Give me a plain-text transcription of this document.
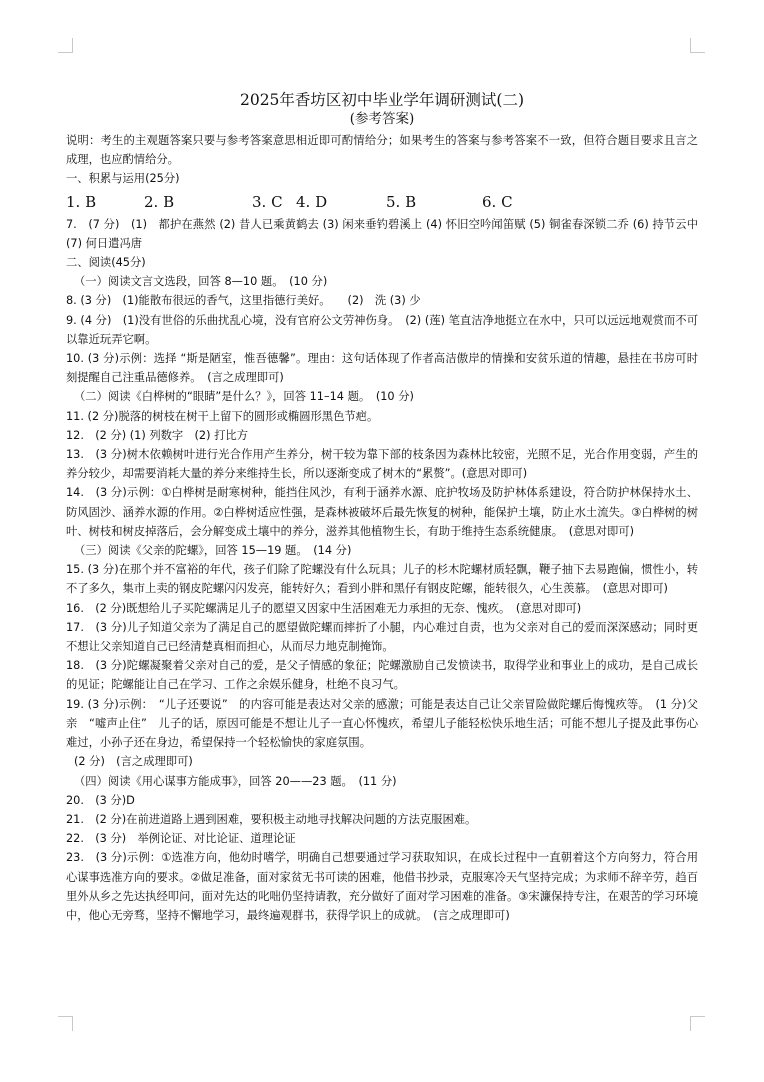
2025年香坊区初中毕业学年调研测试(二)

(参考答案)

说明：考生的主观题答案只要与参考答案意思相近即可酌情给分；如果考生的答案与参考答案不一致，但符合题目要求且言之成理，也应酌情给分。

一、积累与运用(25分)

1. B	2. B	3. C 4. D	5. B	6. C

7.　(7 分)　(1)　都护在燕然 (2) 昔人已乘黄鹤去 (3) 闲来垂钓碧溪上 (4) 怀旧空吟闻笛赋 (5) 铜雀春深锁二乔 (6) 持节云中 (7) 何日遣冯唐

二、阅读(45分)

（一）阅读文言文选段，回答 8—10 题。　(10 分)

8. (3 分)　(1)能散布很远的香气，这里指德行美好。　　(2)　洗 (3) 少

9. (4 分)　(1)没有世俗的乐曲扰乱心境，没有官府公文劳神伤身。　(2) (莲) 笔直洁净地挺立在水中，只可以远远地观赏而不可以靠近玩弄它啊。

10. (3 分)示例：选择 “斯是陋室，惟吾德馨”。理由：这句话体现了作者高洁傲岸的情操和安贫乐道的情趣，悬挂在书房可时刻提醒自己注重品德修养。　(言之成理即可)

（二）阅读《白桦树的“眼睛”是什么？》，回答 11–14 题。　(10 分)

11. (2 分)脱落的树枝在树干上留下的圆形或椭圆形黑色节疤。

12.　(2 分) (1) 列数字　(2) 打比方

13.　(3 分)树木依赖树叶进行光合作用产生养分，树干较为靠下部的枝条因为森林比较密，光照不足，光合作用变弱，产生的养分较少，却需要消耗大量的养分来维持生长，所以逐渐变成了树木的“累赘”。(意思对即可)

14.　(3 分)示例：①白桦树是耐寒树种，能挡住风沙，有利于涵养水源、庇护牧场及防护林体系建设，符合防护林保持水土、防风固沙、涵养水源的作用。②白桦树适应性强，是森林被破坏后最先恢复的树种，能保护土壤，防止水土流失。③白桦树的树叶、树枝和树皮掉落后，会分解变成土壤中的养分，滋养其他植物生长，有助于维持生态系统健康。　(意思对即可)

（三）阅读《父亲的陀螺》，回答 15—19 题。　(14 分)

15. (3 分)在那个并不富裕的年代，孩子们除了陀螺没有什么玩具；儿子的杉木陀螺材质轻飘，鞭子抽下去易跑偏，惯性小，转不了多久，集市上卖的钢皮陀螺闪闪发亮，能转好久；看到小胖和黑仔有钢皮陀螺，能转很久，心生羡慕。　(意思对即可)

16.　(2 分)既想给儿子买陀螺满足儿子的愿望又因家中生活困难无力承担的无奈、愧疚。　(意思对即可)

17.　(3 分)儿子知道父亲为了满足自己的愿望做陀螺而摔折了小腿，内心难过自责，也为父亲对自己的爱而深深感动；同时更不想让父亲知道自己已经清楚真相而担心，从而尽力地克制掩饰。

18.　(3 分)陀螺凝聚着父亲对自己的爱，是父子情感的象征；陀螺激励自己发愤读书，取得学业和事业上的成功，是自己成长的见证；陀螺能让自己在学习、工作之余娱乐健身，杜绝不良习气。

19. (3 分)示例：　“儿子还要说”　的内容可能是表达对父亲的感激；可能是表达自己让父亲冒险做陀螺后悔愧疚等。　(1 分)父亲　“嘘声止住”　儿子的话，原因可能是不想让儿子一直心怀愧疚，希望儿子能轻松快乐地生活；可能不想儿子提及此事伤心难过，小孙子还在身边，希望保持一个轻松愉快的家庭氛围。

(2 分)　(言之成理即可)

（四）阅读《用心谋事方能成事》，回答 20——23 题。　(11 分)

20.　(3 分)D

21.　(2 分)在前进道路上遇到困难，要积极主动地寻找解决问题的方法克服困难。

22.　(3 分)　举例论证、对比论证、道理论证

23.　(3 分)示例：①选准方向，他幼时嗜学，明确自己想要通过学习获取知识，在成长过程中一直朝着这个方向努力，符合用心谋事选准方向的要求。②做足准备，面对家贫无书可读的困难，他借书抄录，克服寒冷天气坚持完成；为求师不辞辛劳，趋百里外从乡之先达执经叩问，面对先达的叱咄仍坚持请教，充分做好了面对学习困难的准备。③宋濂保持专注，在艰苦的学习环境中，他心无旁骛，坚持不懈地学习，最终遍观群书，获得学识上的成就。　(言之成理即可)
